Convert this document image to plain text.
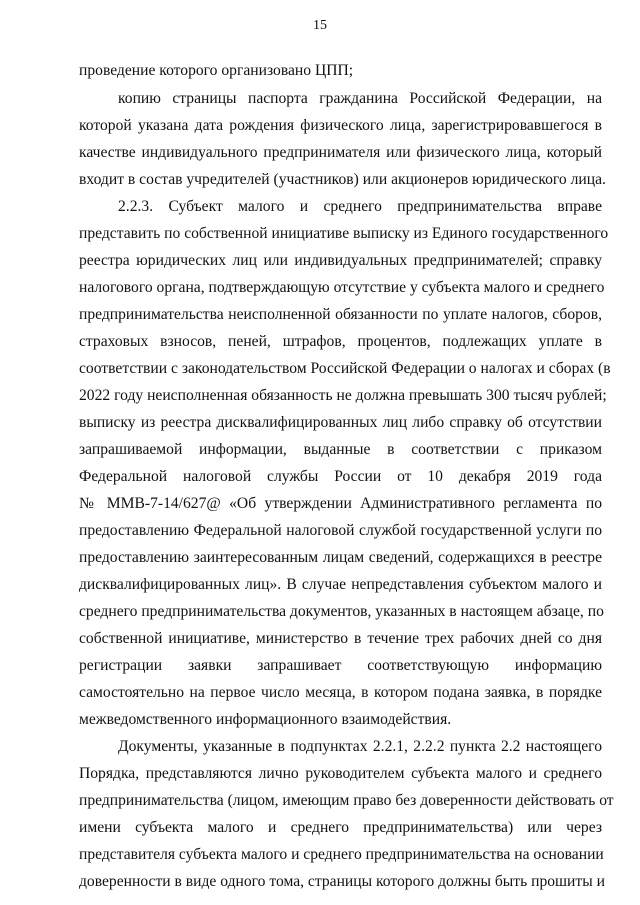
15
проведение которого организовано ЦПП;
копию страницы паспорта гражданина Российской Федерации, на
которой указана дата рождения физического лица, зарегистрировавшегося в
качестве индивидуального предпринимателя или физического лица, который
входит в состав учредителей (участников) или акционеров юридического лица.
2.2.3. Субъект малого и среднего предпринимательства вправе
представить по собственной инициативе выписку из Единого государственного
реестра юридических лиц или индивидуальных предпринимателей; справку
налогового органа, подтверждающую отсутствие у субъекта малого и среднего
предпринимательства неисполненной обязанности по уплате налогов, сборов,
страховых взносов, пеней, штрафов, процентов, подлежащих уплате в
соответствии с законодательством Российской Федерации о налогах и сборах (в
2022 году неисполненная обязанность не должна превышать 300 тысяч рублей;
выписку из реестра дисквалифицированных лиц либо справку об отсутствии
запрашиваемой информации, выданные в соответствии с приказом
Федеральной налоговой службы России от 10 декабря 2019 года
№ ММВ-7-14/627@ «Об утверждении Административного регламента по
предоставлению Федеральной налоговой службой государственной услуги по
предоставлению заинтересованным лицам сведений, содержащихся в реестре
дисквалифицированных лиц». В случае непредставления субъектом малого и
среднего предпринимательства документов, указанных в настоящем абзаце, по
собственной инициативе, министерство в течение трех рабочих дней со дня
регистрации заявки запрашивает соответствующую информацию
самостоятельно на первое число месяца, в котором подана заявка, в порядке
межведомственного информационного взаимодействия.
Документы, указанные в подпунктах 2.2.1, 2.2.2 пункта 2.2 настоящего
Порядка, представляются лично руководителем субъекта малого и среднего
предпринимательства (лицом, имеющим право без доверенности действовать от
имени субъекта малого и среднего предпринимательства) или через
представителя субъекта малого и среднего предпринимательства на основании
доверенности в виде одного тома, страницы которого должны быть прошиты и
